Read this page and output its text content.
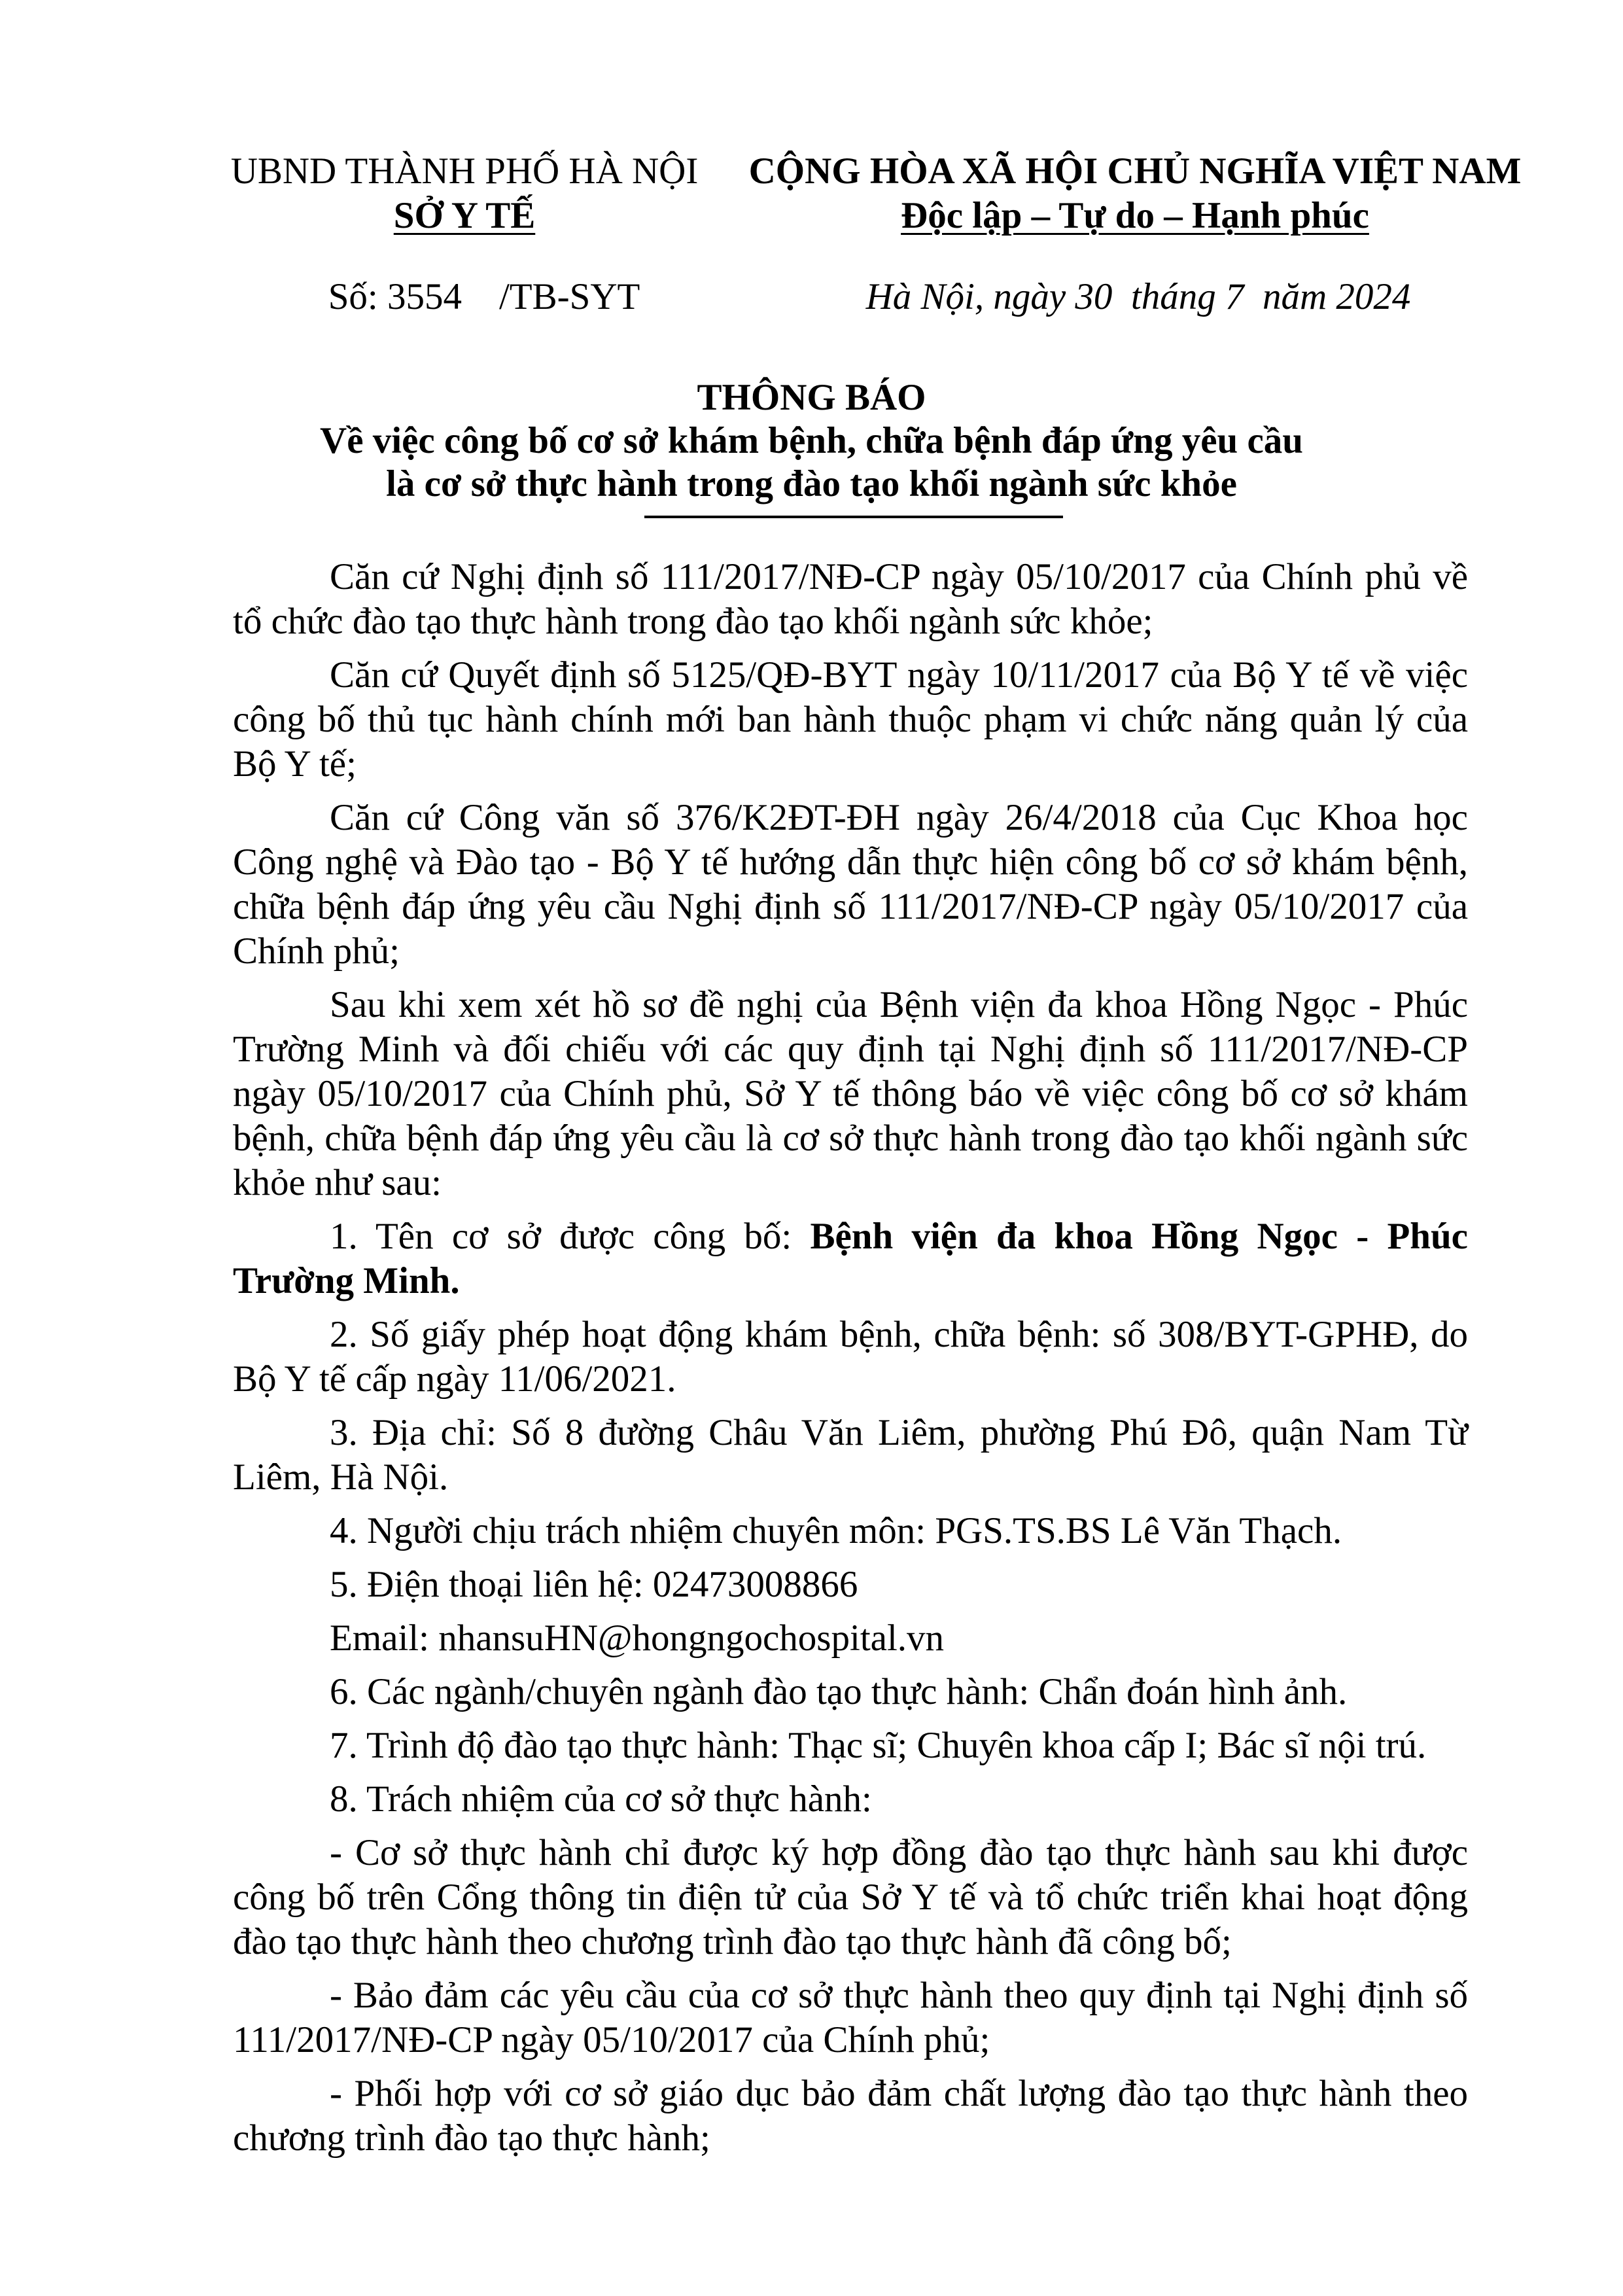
UBND THÀNH PHỐ HÀ NỘI
SỞ Y TẾ
CỘNG HÒA XÃ HỘI CHỦ NGHĨA VIỆT NAM
Độc lập – Tự do – Hạnh phúc
Số: 3554    /TB-SYT	Hà Nội, ngày 30  tháng 7  năm 2024
THÔNG BÁO
Về việc công bố cơ sở khám bệnh, chữa bệnh đáp ứng yêu cầu
là cơ sở thực hành trong đào tạo khối ngành sức khỏe

Căn cứ Nghị định số 111/2017/NĐ-CP ngày 05/10/2017 của Chính phủ về tổ chức đào tạo thực hành trong đào tạo khối ngành sức khỏe;

Căn cứ Quyết định số 5125/QĐ-BYT ngày 10/11/2017 của Bộ Y tế về việc công bố thủ tục hành chính mới ban hành thuộc phạm vi chức năng quản lý của Bộ Y tế;

Căn cứ Công văn số 376/K2ĐT-ĐH ngày 26/4/2018 của Cục Khoa học Công nghệ và Đào tạo - Bộ Y tế hướng dẫn thực hiện công bố cơ sở khám bệnh, chữa bệnh đáp ứng yêu cầu Nghị định số 111/2017/NĐ-CP ngày 05/10/2017 của Chính phủ;

Sau khi xem xét hồ sơ đề nghị của Bệnh viện đa khoa Hồng Ngọc - Phúc Trường Minh và đối chiếu với các quy định tại Nghị định số 111/2017/NĐ-CP ngày 05/10/2017 của Chính phủ, Sở Y tế thông báo về việc công bố cơ sở khám bệnh, chữa bệnh đáp ứng yêu cầu là cơ sở thực hành trong đào tạo khối ngành sức khỏe như sau:

1. Tên cơ sở được công bố: Bệnh viện đa khoa Hồng Ngọc - Phúc Trường Minh.

2. Số giấy phép hoạt động khám bệnh, chữa bệnh: số 308/BYT-GPHĐ, do Bộ Y tế cấp ngày 11/06/2021.

3. Địa chỉ: Số 8 đường Châu Văn Liêm, phường Phú Đô, quận Nam Từ Liêm, Hà Nội.

4. Người chịu trách nhiệm chuyên môn: PGS.TS.BS Lê Văn Thạch.

5. Điện thoại liên hệ: 02473008866

Email: nhansuHN@hongngochospital.vn

6. Các ngành/chuyên ngành đào tạo thực hành: Chẩn đoán hình ảnh.

7. Trình độ đào tạo thực hành: Thạc sĩ; Chuyên khoa cấp I; Bác sĩ nội trú.

8. Trách nhiệm của cơ sở thực hành:

- Cơ sở thực hành chỉ được ký hợp đồng đào tạo thực hành sau khi được công bố trên Cổng thông tin điện tử của Sở Y tế và tổ chức triển khai hoạt động đào tạo thực hành theo chương trình đào tạo thực hành đã công bố;

- Bảo đảm các yêu cầu của cơ sở thực hành theo quy định tại Nghị định số 111/2017/NĐ-CP ngày 05/10/2017 của Chính phủ;

- Phối hợp với cơ sở giáo dục bảo đảm chất lượng đào tạo thực hành theo chương trình đào tạo thực hành;
